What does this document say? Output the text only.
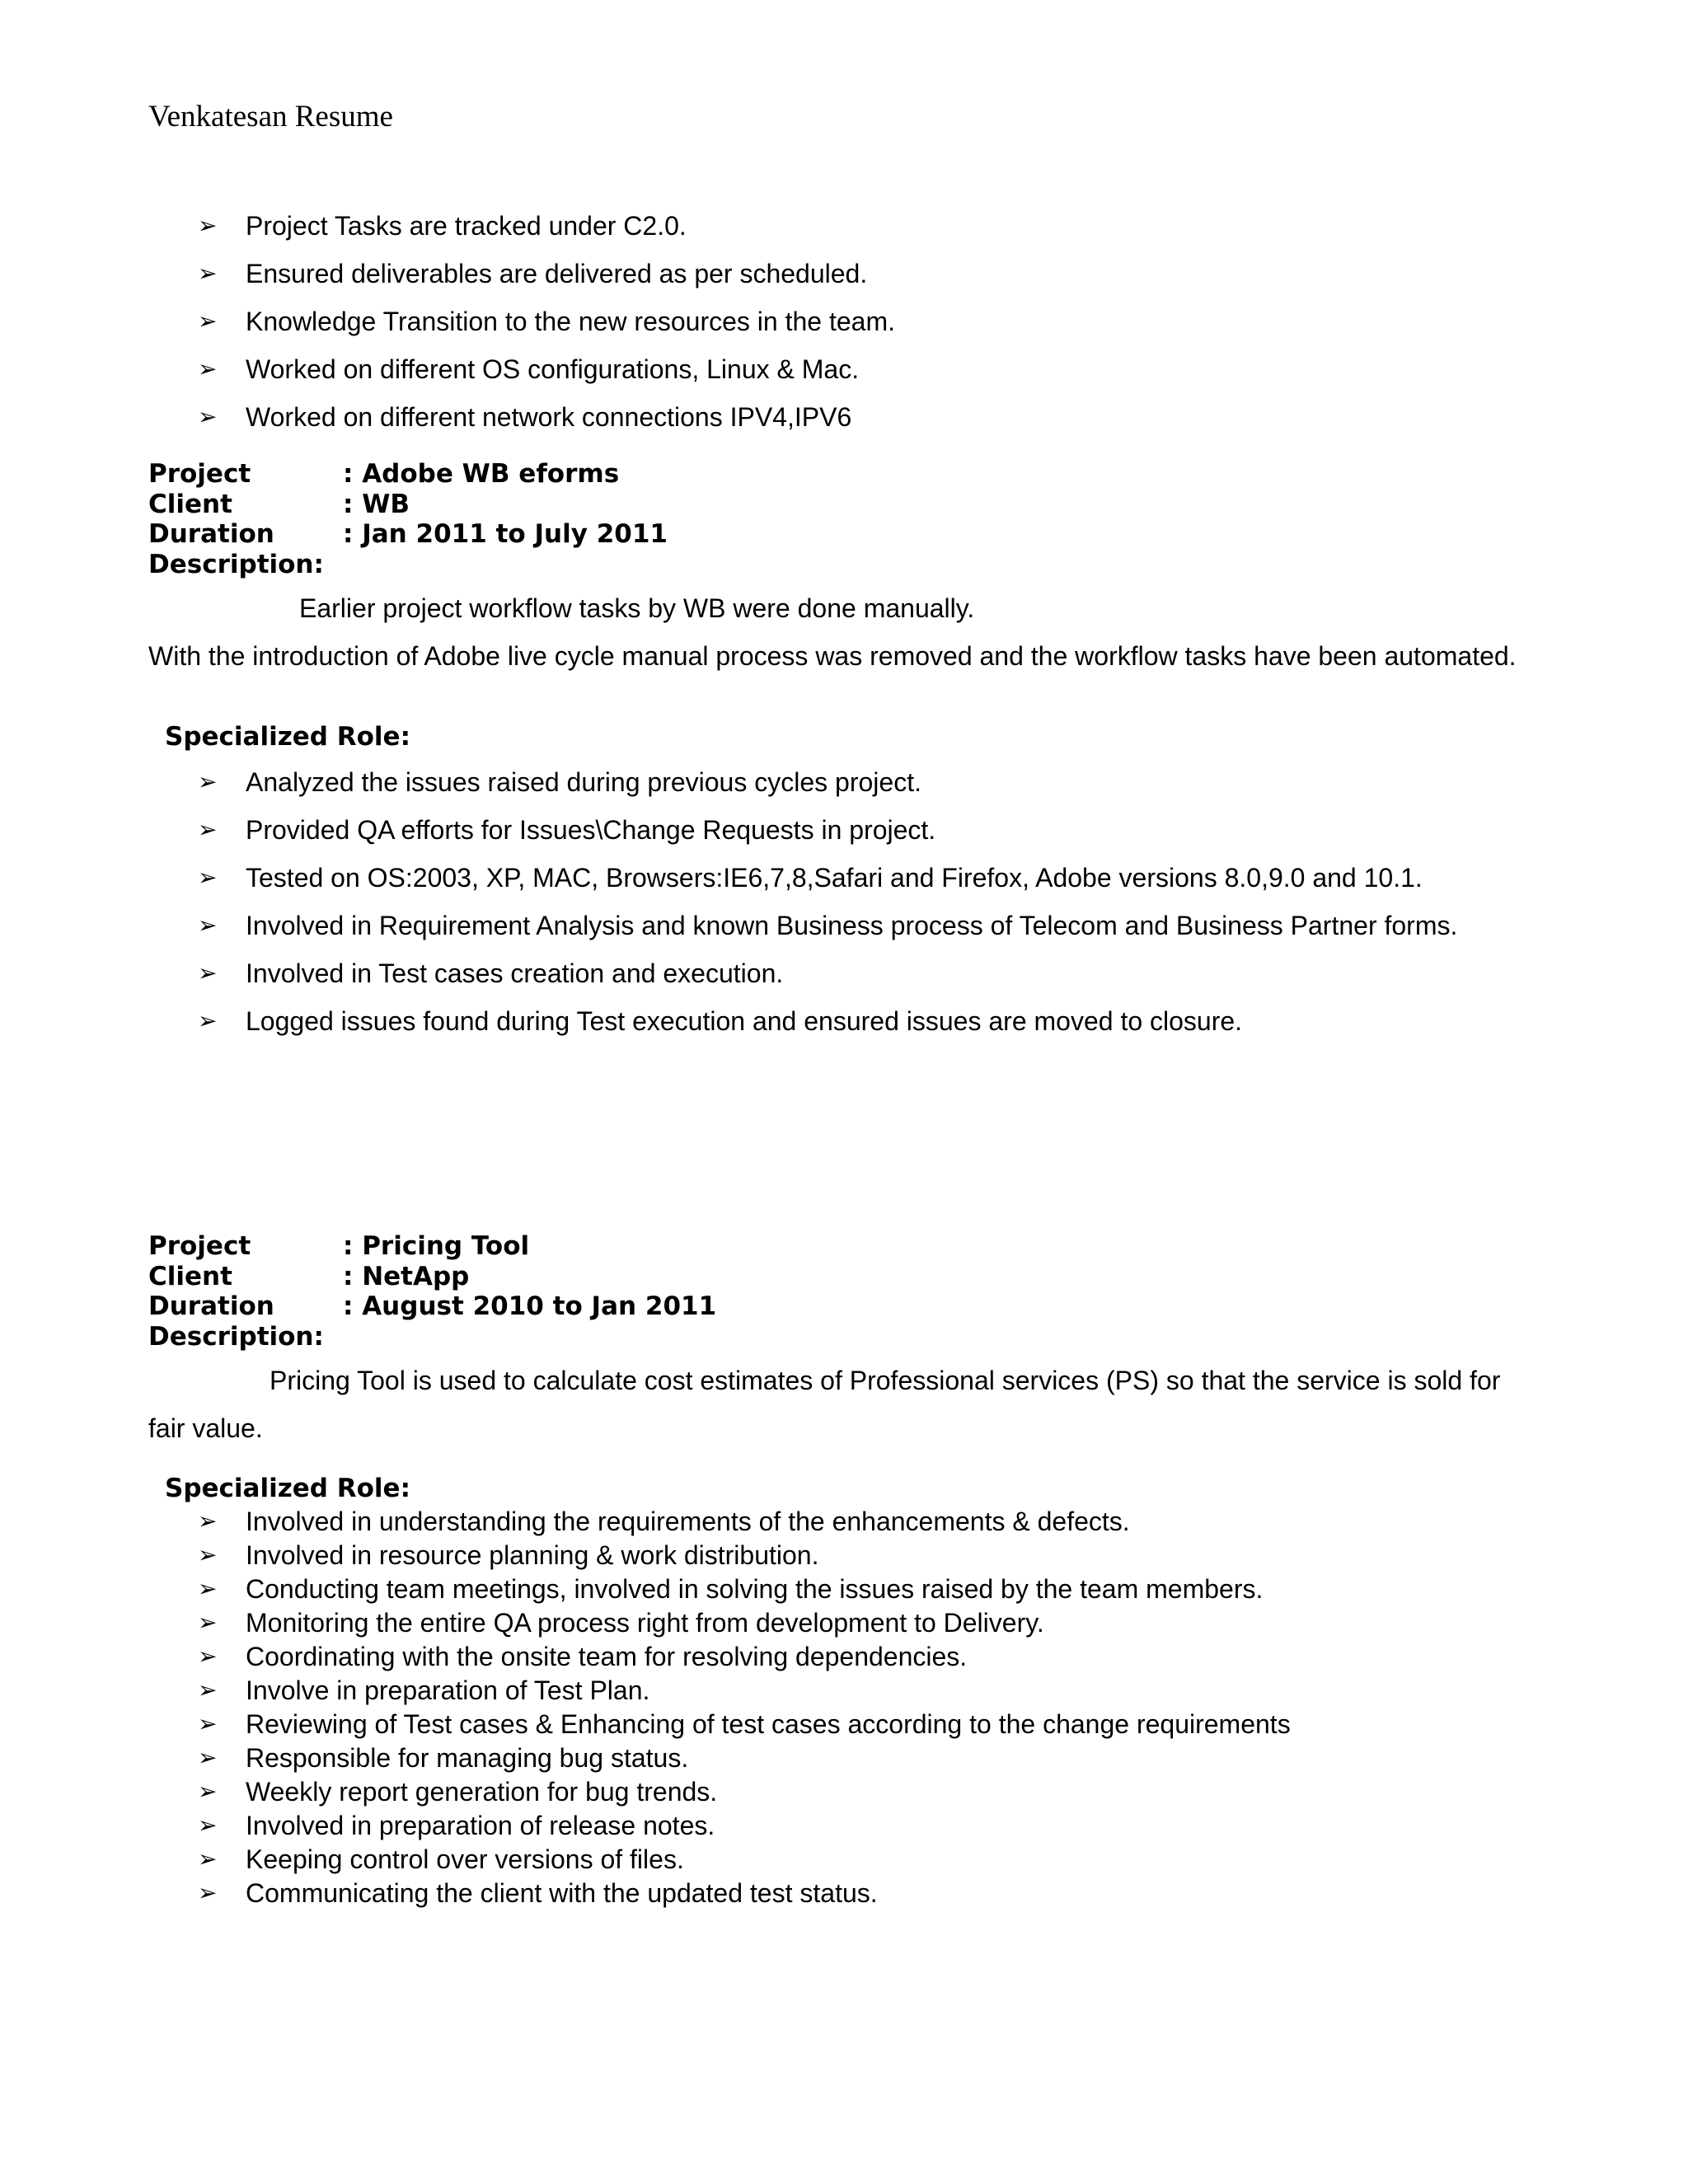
Venkatesan Resume
➢ Project Tasks are tracked under C2.0.
➢ Ensured deliverables are delivered as per scheduled.
➢ Knowledge Transition to the new resources in the team.
➢ Worked on different OS configurations, Linux & Mac.
➢ Worked on different network connections IPV4,IPV6
Project	: Adobe WB eforms
Client	: WB
Duration	: Jan 2011 to July 2011
Description:
Earlier project workflow tasks by WB were done manually.
With the introduction of Adobe live cycle manual process was removed and the workflow tasks have been automated.
Specialized Role:
➢ Analyzed the issues raised during previous cycles project.
➢ Provided QA efforts for Issues\Change Requests in project.
➢ Tested on OS:2003, XP, MAC, Browsers:IE6,7,8,Safari and Firefox, Adobe versions 8.0,9.0 and 10.1.
➢ Involved in Requirement Analysis and known Business process of Telecom and Business Partner forms.
➢ Involved in Test cases creation and execution.
➢ Logged issues found during Test execution and ensured issues are moved to closure.
Project	: Pricing Tool
Client	: NetApp
Duration	: August 2010 to Jan 2011
Description:
Pricing Tool is used to calculate cost estimates of Professional services (PS) so that the service is sold for
fair value.
Specialized Role:
➢ Involved in understanding the requirements of the enhancements & defects.
➢ Involved in resource planning & work distribution.
➢ Conducting team meetings, involved in solving the issues raised by the team members.
➢ Monitoring the entire QA process right from development to Delivery.
➢ Coordinating with the onsite team for resolving dependencies.
➢ Involve in preparation of Test Plan.
➢ Reviewing of Test cases & Enhancing of test cases according to the change requirements
➢ Responsible for managing bug status.
➢ Weekly report generation for bug trends.
➢ Involved in preparation of release notes.
➢ Keeping control over versions of files.
➢ Communicating the client with the updated test status.
